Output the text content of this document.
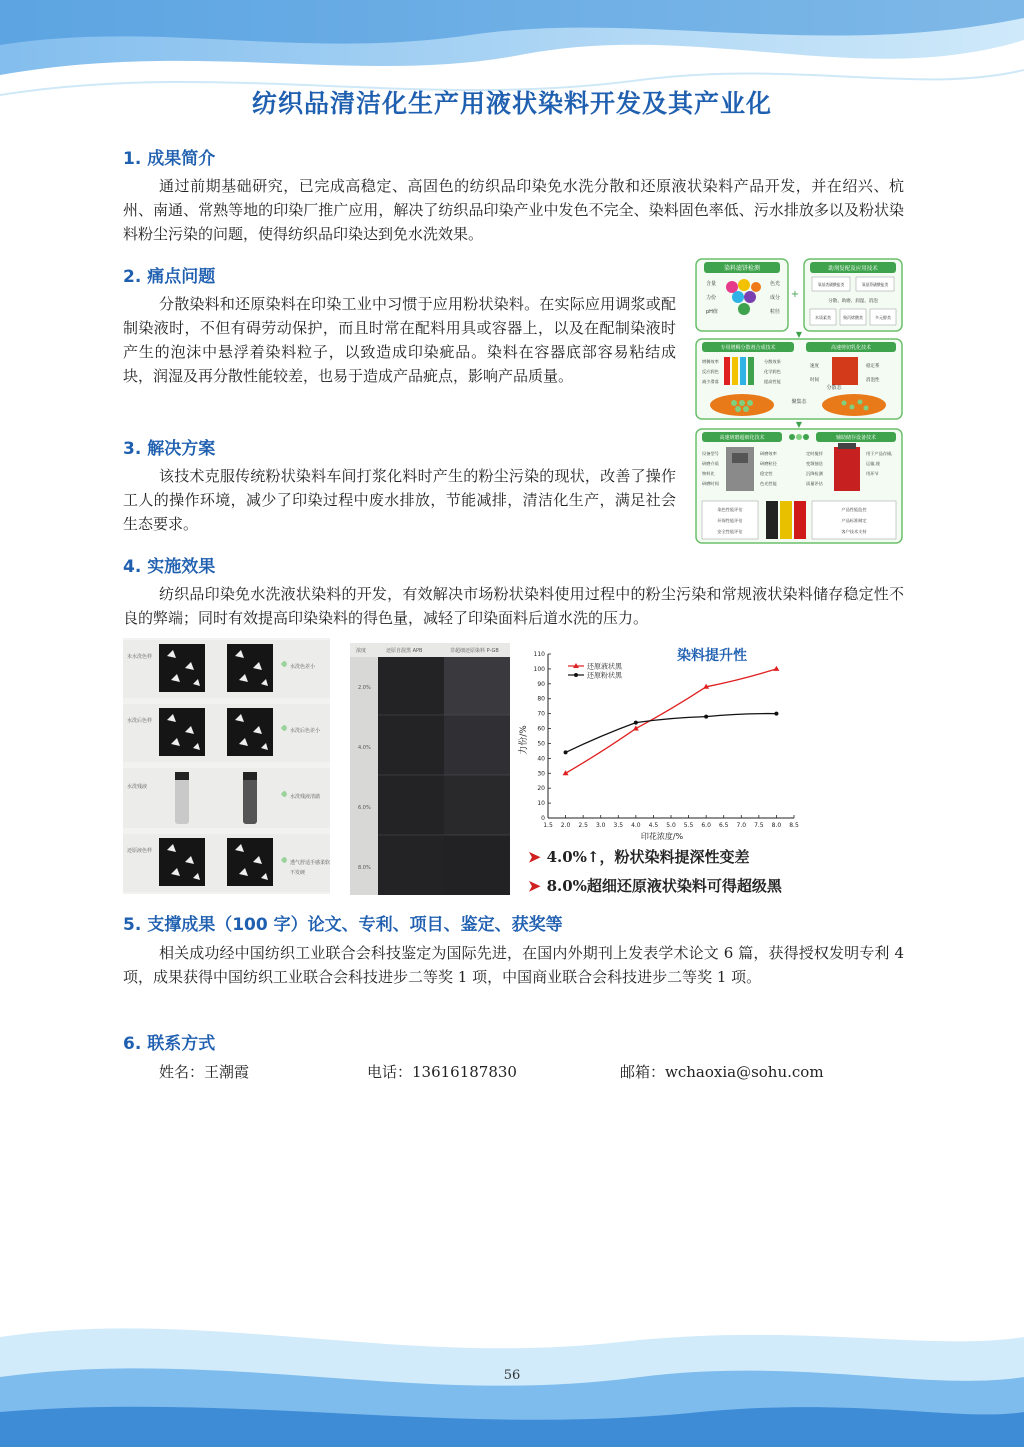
纺织品清洁化生产用液状染料开发及其产业化
1. 成果简介
通过前期基础研究，已完成高稳定、高固色的纺织品印染免水洗分散和还原液状染料产品开发，并在绍兴、杭州、南通、常熟等地的印染厂推广应用，解决了纺织品印染产业中发色不完全、染料固色率低、污水排放多以及粉状染料粉尘污染的问题，使得纺织品印染达到免水洗效果。
2. 痛点问题
分散染料和还原染料在印染工业中习惯于应用粉状染料。在实际应用调浆或配制染液时，不但有碍劳动保护，而且时常在配料用具或容器上，以及在配制染液时产生的泡沫中悬浮着染料粒子，以致造成印染疵品。染料在容器底部容易粘结成块，润湿及再分散性能较差，也易于造成产品疵点，影响产品质量。
3. 解决方案
该技术克服传统粉状染料车间打浆化料时产生的粉尘污染的现状，改善了操作工人的操作环境，减少了印染过程中废水排放，节能减排，清洁化生产，满足社会生态要求。
染料滤饼检测
含量	色光
力份	成分
pH值	粒径
+
助剂复配及应用技术
氧基类磺酸盐类	氧基萘磺酸盐类
分散、助磨、润湿、消泡
木质素类	聚丙烯酸类	多元醇类
▼
专用增稠分散剂合成技术	高速剪切乳化技术
增稠效率
反应润色
减少滑落
分散效果
化学润色
提高性能
速度
时间
稳定系
消泡性
聚集态
分散态
▼
高速研磨超细化技术	辅助储存设备技术
设备型号
研磨介质
物料比
研磨时间
研磨效率
研磨粒径
稳定性
色光性能
定时搅拌
变频抽送
沉降检测
质量评估
用于产品存储,
运输,使
用环节
染色性能评估
环保性能评估
安全性能评估
产品性能监控
产品标准制定
客户技术支持
4. 实施效果
纺织品印染免水洗液状染料的开发，有效解决市场粉状染料使用过程中的粉尘污染和常规液状染料储存稳定性不良的弊端；同时有效提高印染染料的得色量，减轻了印染面料后道水洗的压力。
未水洗色样
水洗后色样
水洗残液
还原液色样
水洗色差小
水洗后色差小
水洗残液清澈
透气舒适手感柔软
不发硬
浓度	还原自混黑 APB	非超细还原染料 P-GB
2.0%
4.0%
6.0%
8.0%
染料提升性
印花浓度/%
力份/%
1.5 2.0 2.5 3.0 3.5 4.0 4.5 5.0 5.5 6.0 6.5 7.0 7.5 8.0 8.5
0
10
20
30
40
50
60
70
80
90
100
110
还原液状黑
还原粉状黑
➤ 4.0%↑，粉状染料提深性变差
➤ 8.0%超细还原液状染料可得超级黑
5. 支撑成果（100 字）论文、专利、项目、鉴定、获奖等
相关成功经中国纺织工业联合会科技鉴定为国际先进，在国内外期刊上发表学术论文 6 篇，获得授权发明专利 4 项，成果获得中国纺织工业联合会科技进步二等奖 1 项，中国商业联合会科技进步二等奖 1 项。
6. 联系方式
姓名：王潮霞	电话：13616187830	邮箱：wchaoxia@sohu.com
56
